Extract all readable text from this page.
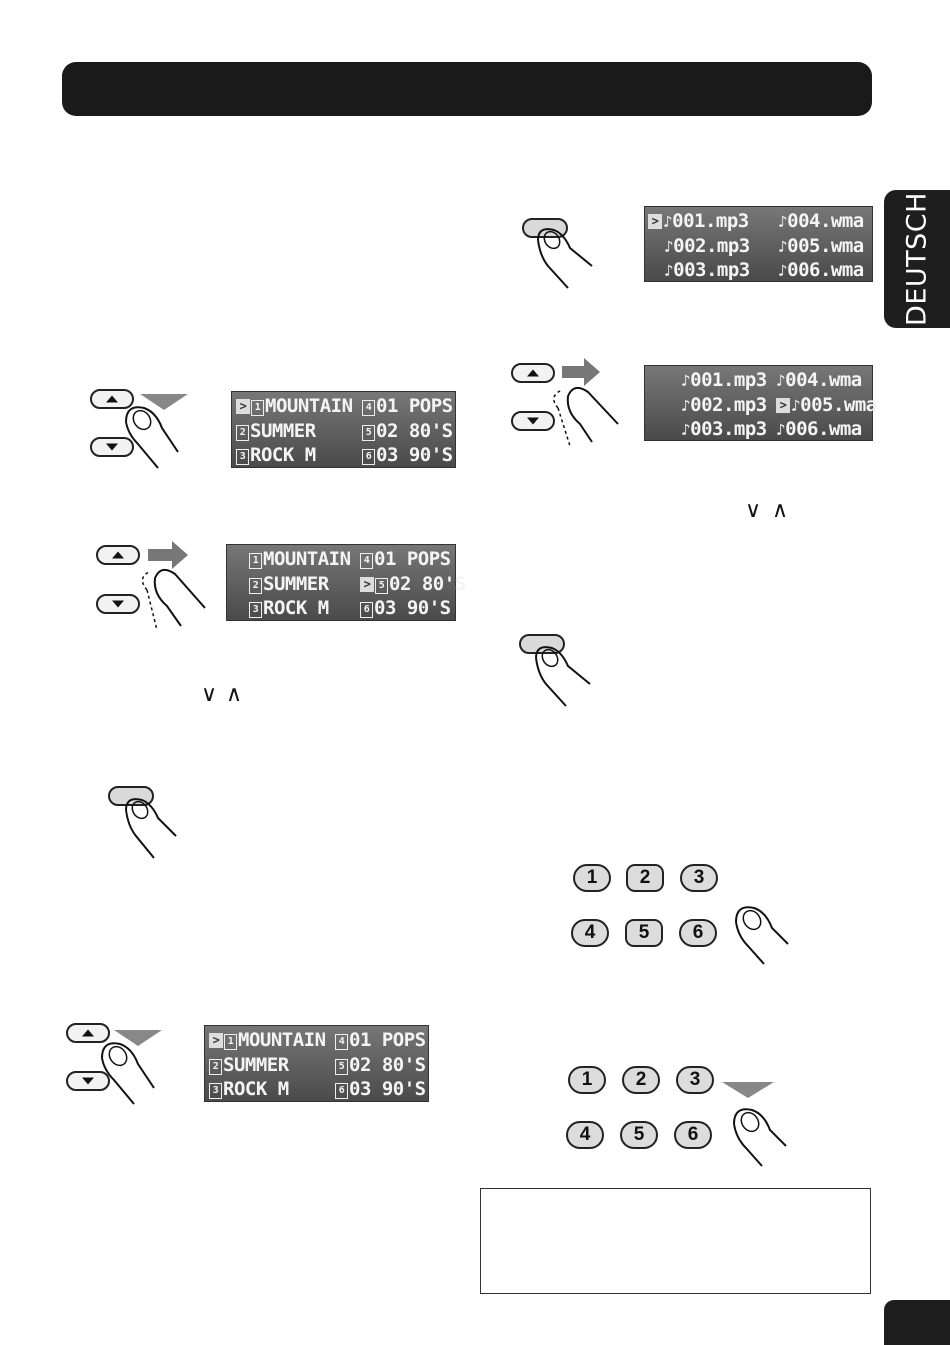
DEUTSCH
> 1 MOUNTAIN	4 01 POPS
2 SUMMER	5 02 80'S
3 ROCK M	6 03 90'S
1 MOUNTAIN	4 01 POPS
2 SUMMER	> 5 02 80'S
3 ROCK M	6 03 90'S
∨ ∧
> 1 MOUNTAIN	4 01 POPS
2 SUMMER	5 02 80'S
3 ROCK M	6 03 90'S
> ♪001.mp3 ♪004.wma
♪002.mp3 ♪005.wma
♪003.mp3 ♪006.wma
♪001.mp3 ♪004.wma
♪002.mp3	> ♪005.wma
♪003.mp3 ♪006.wma
∨ ∧
1	2	3
4	5	6
1	2	3
4	5	6
